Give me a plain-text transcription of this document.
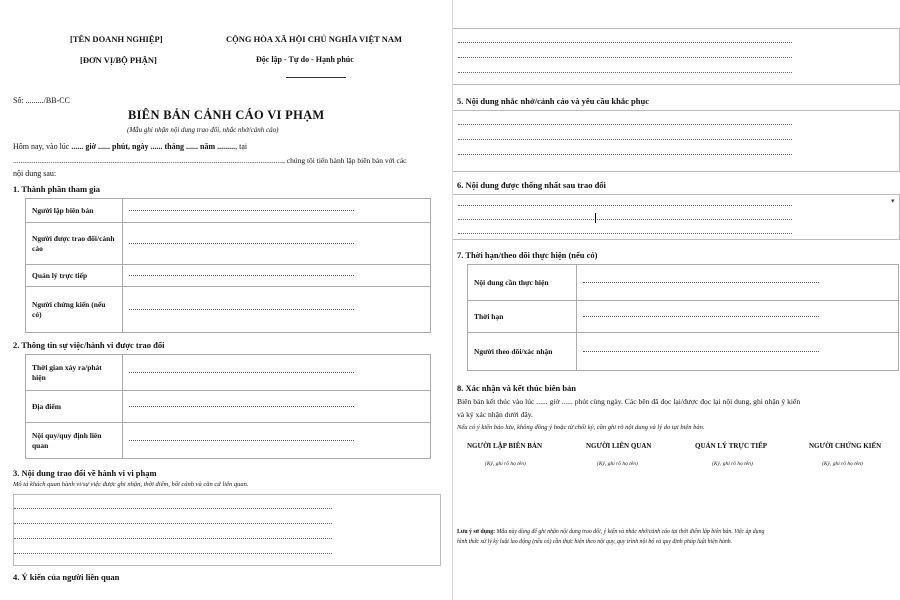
[TÊN DOANH NGHIỆP]
[ĐƠN VỊ/BỘ PHẬN]
CỘNG HÒA XÃ HỘI CHỦ NGHĨA VIỆT NAM
Độc lập - Tự do - Hạnh phúc
Số: ........./BB-CC
BIÊN BẢN CẢNH CÁO VI PHẠM
(Mẫu ghi nhận nội dung trao đổi, nhắc nhở/cảnh cáo)
Hôm nay, vào lúc ...... giờ ...... phút, ngày ...... tháng ...... năm ........., tại
................................................................................................................................................, chúng tôi tiến hành lập biên bản với các
nội dung sau:
1. Thành phần tham gia
Người lập biên bản	

Người được trao đổi/cảnh cáo	

Quản lý trực tiếp	

Người chứng kiến (nếu có)	
2. Thông tin sự việc/hành vi được trao đổi
Thời gian xảy ra/phát hiện	

Địa điểm	

Nội quy/quy định liên quan	
3. Nội dung trao đổi về hành vi vi phạm
Mô tả khách quan hành vi/sự việc được ghi nhận, thời điểm, bối cảnh và căn cứ liên quan.
4. Ý kiến của người liên quan
5. Nội dung nhắc nhở/cảnh cáo và yêu cầu khắc phục
6. Nội dung được thống nhất sau trao đổi
▾
7. Thời hạn/theo dõi thực hiện (nếu có)
Nội dung cần thực hiện	

Thời hạn	

Người theo dõi/xác nhận	
8. Xác nhận và kết thúc biên bản
Biên bản kết thúc vào lúc ...... giờ ...... phút cùng ngày. Các bên đã đọc lại/được đọc lại nội dung, ghi nhận ý kiến
và ký xác nhận dưới đây.
Nếu có ý kiến bảo lưu, không đồng ý hoặc từ chối ký, cần ghi rõ nội dung và lý do tại biên bản.
NGƯỜI LẬP BIÊN BẢN	NGƯỜI LIÊN QUAN	QUẢN LÝ TRỰC TIẾP	NGƯỜI CHỨNG KIẾN
(Ký, ghi rõ họ tên)	(Ký, ghi rõ họ tên)	(Ký, ghi rõ họ tên)	(Ký, ghi rõ họ tên)
Lưu ý sử dụng: Mẫu này dùng để ghi nhận nội dung trao đổi, ý kiến và nhắc nhở/cảnh cáo tại thời điểm lập biên bản. Việc áp dụng
hình thức xử lý kỷ luật lao động (nếu có) cần thực hiện theo nội quy, quy trình nội bộ và quy định pháp luật hiện hành.
